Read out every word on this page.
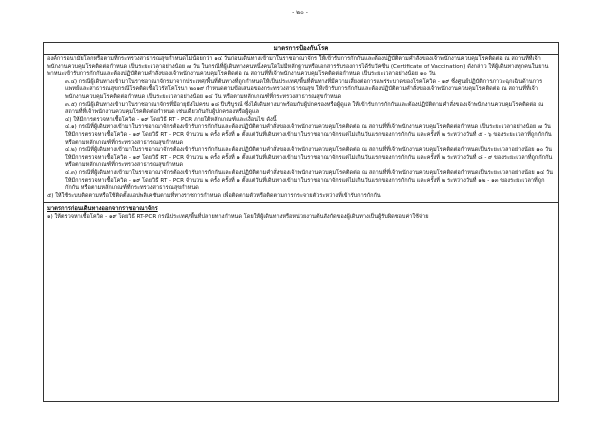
- ๒๐ -
มาตรการป้องกันโรค

องค์การอนามัยโลกหรือตามที่กระทรวงสาธารณสุขกำหนดไม่น้อยกว่า ๑๔ วันก่อนเดินทางเข้ามาในราชอาณาจักร ให้เข้ารับการกักกันและต้องปฏิบัติตามคำสั่งของเจ้าพนักงานควบคุมโรคติดต่อ ณ สถานที่ที่เจ้าพนักงานควบคุมโรคติดต่อกำหนด เป็นระยะเวลาอย่างน้อย ๗ วัน ในกรณีที่ผู้เดินทางคนหนึ่งคนใดไม่มีหลักฐานหรือเอกสารรับรองการได้รับวัคซีน (Certificate of Vaccination) ดังกล่าว ให้ผู้เดินทางทุกคนในยานพาหนะเข้ารับการกักกันและต้องปฏิบัติตามคำสั่งของเจ้าพนักงานควบคุมโรคติดต่อ ณ สถานที่ที่เจ้าพนักงานควบคุมโรคติดต่อกำหนด เป็นระยะเวลาอย่างน้อย ๑๐ วัน

๓.๔) กรณีผู้เดินทางเข้ามาในราชอาณาจักรมาจากประเทศ/พื้นที่ต้นทางที่ถูกกำหนดให้เป็นประเทศ/พื้นที่ต้นทางที่มีความเสี่ยงต่อการแพร่ระบาดของโรคโควิด - ๑๙ ซึ่งศูนย์ปฏิบัติการภาวะฉุกเฉินด้านการแพทย์และสาธารณสุขกรณีโรคติดเชื้อไวรัสโคโรนา ๒๐๑๙ กำหนดตามข้อเสนอของกระทรวงสาธารณสุข ให้เข้ารับการกักกันและต้องปฏิบัติตามคำสั่งของเจ้าพนักงานควบคุมโรคติดต่อ ณ สถานที่ที่เจ้าพนักงานควบคุมโรคติดต่อกำหนด เป็นระยะเวลาอย่างน้อย ๑๔ วัน หรือตามหลักเกณฑ์ที่กระทรวงสาธารณสุขกำหนด

๓.๕) กรณีผู้เดินทางเข้ามาในราชอาณาจักรที่มีอายุยังไม่ครบ ๑๘ ปีบริบูรณ์ ซึ่งได้เดินทางมาพร้อมกับผู้ปกครองหรือผู้ดูแล ให้เข้ารับการกักกันและต้องปฏิบัติตามคำสั่งของเจ้าพนักงานควบคุมโรคติดต่อ ณ สถานที่ที่เจ้าพนักงานควบคุมโรคติดต่อกำหนด เช่นเดียวกันกับผู้ปกครองหรือผู้ดูแล

๔) ให้มีการตรวจหาเชื้อโควิด - ๑๙ โดยวิธี RT - PCR ภายใต้หลักเกณฑ์และเงื่อนไข ดังนี้

๔.๑) กรณีที่ผู้เดินทางเข้ามาในราชอาณาจักรต้องเข้ารับการกักกันและต้องปฏิบัติตามคำสั่งของเจ้าพนักงานควบคุมโรคติดต่อ ณ สถานที่ที่เจ้าพนักงานควบคุมโรคติดต่อกำหนด เป็นระยะเวลาอย่างน้อย ๗ วัน ให้มีการตรวจหาเชื้อโควิด - ๑๙ โดยวิธี RT - PCR จำนวน ๒ ครั้ง ครั้งที่ ๑ ตั้งแต่วันที่เดินทางเข้ามาในราชอาณาจักรแต่ไม่เกินวันแรกของการกักกัน และครั้งที่ ๒ ระหว่างวันที่ ๕ - ๖ ของระยะเวลาที่ถูกกักกัน หรือตามหลักเกณฑ์ที่กระทรวงสาธารณสุขกำหนด

๔.๒) กรณีที่ผู้เดินทางเข้ามาในราชอาณาจักรต้องเข้ารับการกักกันและต้องปฏิบัติตามคำสั่งของเจ้าพนักงานควบคุมโรคติดต่อ ณ สถานที่ที่เจ้าพนักงานควบคุมโรคติดต่อกำหนดเป็นระยะเวลาอย่างน้อย ๑๐ วัน ให้มีการตรวจหาเชื้อโควิด - ๑๙ โดยวิธี RT - PCR จำนวน ๒ ครั้ง ครั้งที่ ๑ ตั้งแต่วันที่เดินทางเข้ามาในราชอาณาจักรแต่ไม่เกินวันแรกของการกักกัน และครั้งที่ ๒ ระหว่างวันที่ ๘ - ๙ ของระยะเวลาที่ถูกกักกัน หรือตามหลักเกณฑ์ที่กระทรวงสาธารณสุขกำหนด

๔.๓) กรณีที่ผู้เดินทางเข้ามาในราชอาณาจักรต้องเข้ารับการกักกันและต้องปฏิบัติตามคำสั่งของเจ้าพนักงานควบคุมโรคติดต่อ ณ สถานที่ที่เจ้าพนักงานควบคุมโรคติดต่อกำหนดเป็นระยะเวลาอย่างน้อย ๑๔ วัน ให้มีการตรวจหาเชื้อโควิด - ๑๙ โดยวิธี RT - PCR จำนวน ๒ ครั้ง ครั้งที่ ๑ ตั้งแต่วันที่เดินทางเข้ามาในราชอาณาจักรแต่ไม่เกินวันแรกของการกักกัน และครั้งที่ ๒ ระหว่างวันที่ ๑๒ - ๑๓ ของระยะเวลาที่ถูกกักกัน หรือตามหลักเกณฑ์ที่กระทรวงสาธารณสุขกำหนด

๕) ให้ใช้ระบบติดตามหรือใช้ติดตั้งแอปพลิเคชันตามที่ทางราชการกำหนด เพื่อติดตามตัวหรือติดตามการกระจายตัวระหว่างที่เข้ารับการกักกัน

มาตรการก่อนเดินทางออกจากราชอาณาจักร

๑) ให้ตรวจหาเชื้อโควิด - ๑๙ โดยวิธี RT-PCR กรณีประเทศ/พื้นที่ปลายทางกำหนด โดยให้ผู้เดินทางหรือหน่วยงานต้นสังกัดของผู้เดินทางเป็นผู้รับผิดชอบค่าใช้จ่าย
